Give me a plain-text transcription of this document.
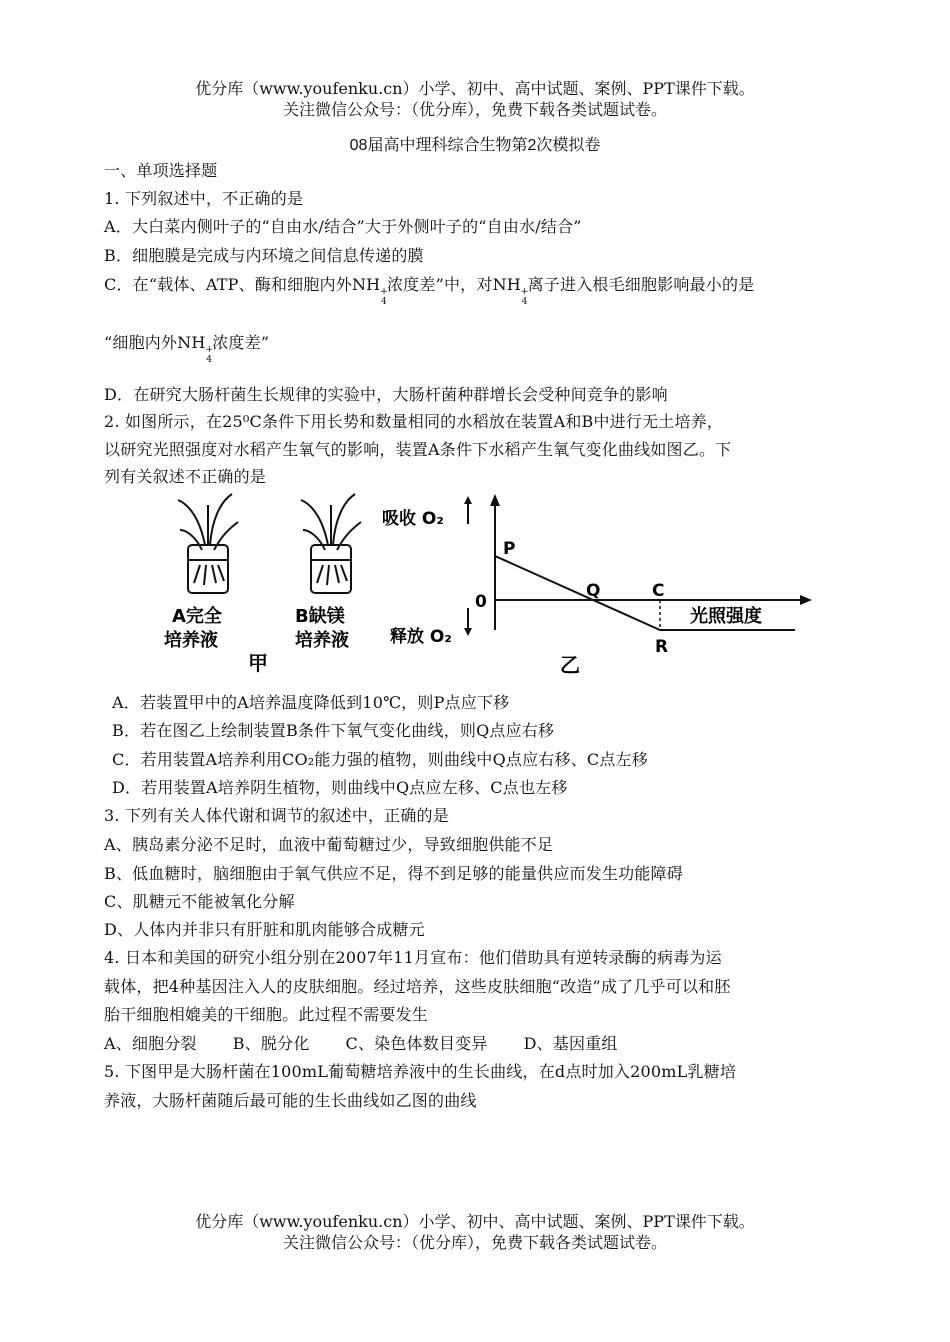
优分库（www.youfenku.cn）小学、初中、高中试题、案例、PPT课件下载。
关注微信公众号：（优分库），免费下载各类试题试卷。
08届高中理科综合生物第2次模拟卷
一、单项选择题
1. 下列叙述中，不正确的是
A．大白菜内侧叶子的“自由水/结合”大于外侧叶子的“自由水/结合”
B．细胞膜是完成与内环境之间信息传递的膜
C．在“载体、ATP、酶和细胞内外$NH_{+4}$浓度差”中，对$NH_{+4}$离子进入根毛细胞影响最小的是
“细胞内外$NH_{+4}$浓度差”
D．在研究大肠杆菌生长规律的实验中，大肠杆菌种群增长会受种间竞争的影响
2. 如图所示，在25⁰C条件下用长势和数量相同的水稻放在装置A和B中进行无土培养，
以研究光照强度对水稻产生氧气的影响，装置A条件下水稻产生氧气变化曲线如图乙。下
列有关叙述不正确的是
A完全
培养液
B缺镁
培养液
甲
吸收 O₂
释放 O₂
0
光照强度
P
Q	C
R
乙
A．若装置甲中的A培养温度降低到10℃，则P点应下移
B．若在图乙上绘制装置B条件下氧气变化曲线，则Q点应右移
C．若用装置A培养利用CO₂能力强的植物，则曲线中Q点应右移、C点左移
D．若用装置A培养阴生植物，则曲线中Q点应左移、C点也左移
3. 下列有关人体代谢和调节的叙述中，正确的是
A、胰岛素分泌不足时，血液中葡萄糖过少，导致细胞供能不足
B、低血糖时，脑细胞由于氧气供应不足，得不到足够的能量供应而发生功能障碍
C、肌糖元不能被氧化分解
D、人体内并非只有肝脏和肌肉能够合成糖元
4. 日本和美国的研究小组分别在2007年11月宣布：他们借助具有逆转录酶的病毒为运
载体，把4种基因注入人的皮肤细胞。经过培养，这些皮肤细胞“改造”成了几乎可以和胚
胎干细胞相媲美的干细胞。此过程不需要发生
A、细胞分裂 B、脱分化 C、染色体数目变异 D、基因重组
5. 下图甲是大肠杆菌在100mL葡萄糖培养液中的生长曲线，在d点时加入200mL乳糖培
养液，大肠杆菌随后最可能的生长曲线如乙图的曲线
优分库（www.youfenku.cn）小学、初中、高中试题、案例、PPT课件下载。
关注微信公众号：（优分库），免费下载各类试题试卷。
